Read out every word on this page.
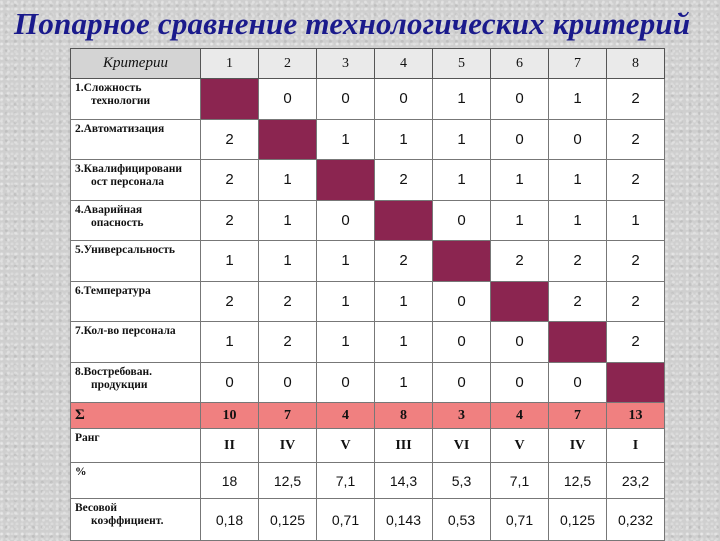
Попарное сравнение технологических критерий
Критерии	1	2	3	4	5	6	7	8

1.Сложность
технологии		0	0	0	1	0	1	2

2.Автоматизация	2		1	1	1	0	0	2

3.Квалифицировани
ост персонала	2	1		2	1	1	1	2

4.Аварийная
опасность	2	1	0		0	1	1	1

5.Универсальность	1	1	1	2		2	2	2

6.Температура	2	2	1	1	0		2	2

7.Кол-во персонала	1	2	1	1	0	0		2

8.Востребован.
продукции	0	0	0	1	0	0	0	
Σ	10	7	4	8	3	4	7	13
Ранг	II	IV	V	III	VI	V	IV	I
%	18	12,5	7,1	14,3	5,3	7,1	12,5	23,2

Весовой
коэффициент.	0,18	0,125	0,71	0,143	0,53	0,71	0,125	0,232
